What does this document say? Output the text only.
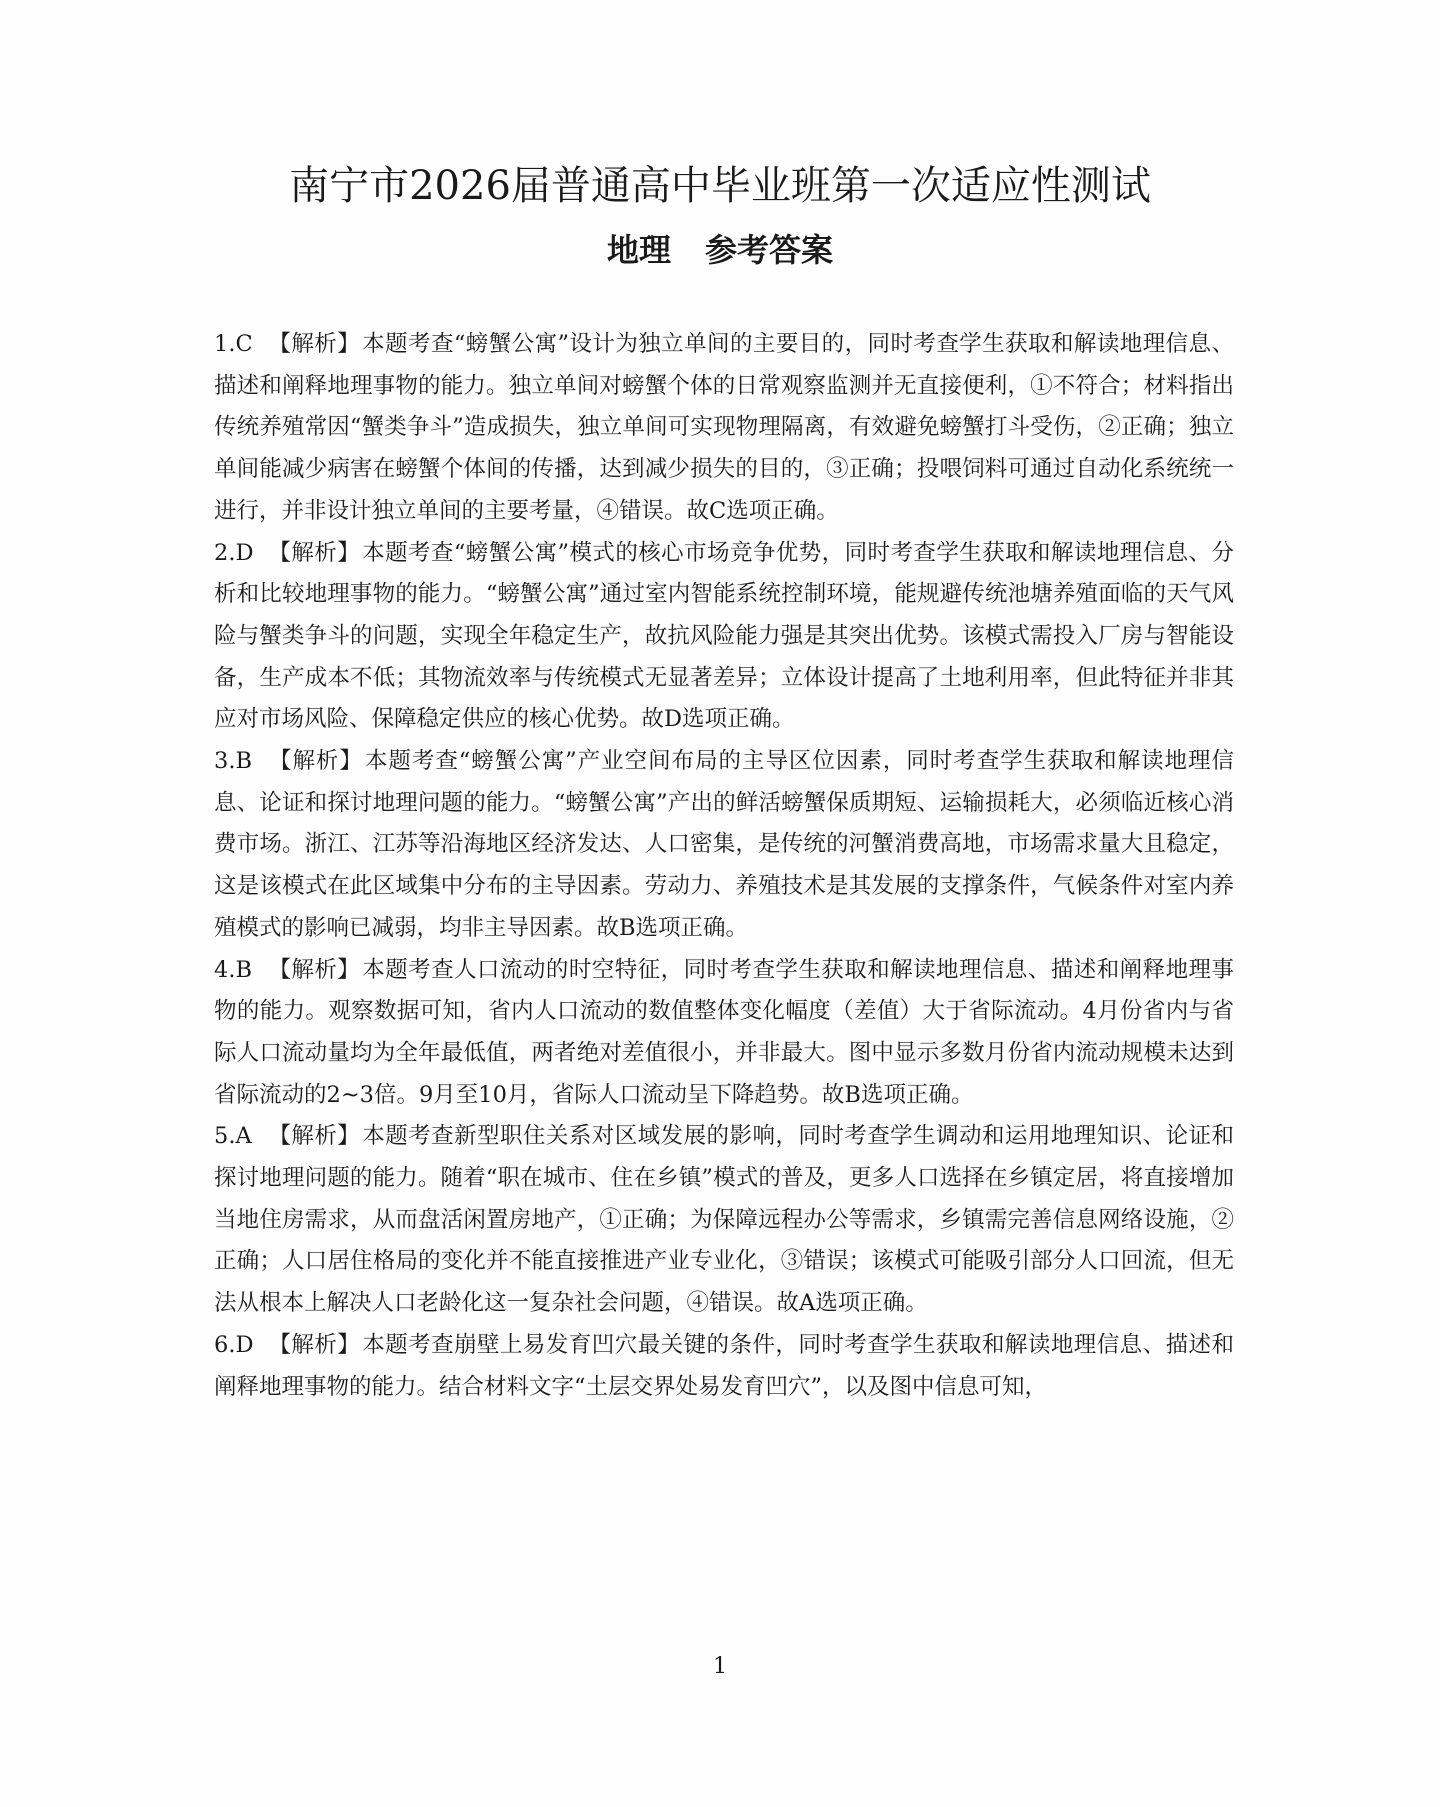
南宁市2026届普通高中毕业班第一次适应性测试
地理 参考答案

1.C 【解析】本题考查“螃蟹公寓”设计为独立单间的主要目的，同时考查学生获取和解读地理信息、描述和阐释地理事物的能力。独立单间对螃蟹个体的日常观察监测并无直接便利，①不符合；材料指出传统养殖常因“蟹类争斗”造成损失，独立单间可实现物理隔离，有效避免螃蟹打斗受伤，②正确；独立单间能减少病害在螃蟹个体间的传播，达到减少损失的目的，③正确；投喂饲料可通过自动化系统统一进行，并非设计独立单间的主要考量，④错误。故C选项正确。

2.D 【解析】本题考查“螃蟹公寓”模式的核心市场竞争优势，同时考查学生获取和解读地理信息、分析和比较地理事物的能力。“螃蟹公寓”通过室内智能系统控制环境，能规避传统池塘养殖面临的天气风险与蟹类争斗的问题，实现全年稳定生产，故抗风险能力强是其突出优势。该模式需投入厂房与智能设备，生产成本不低；其物流效率与传统模式无显著差异；立体设计提高了土地利用率，但此特征并非其应对市场风险、保障稳定供应的核心优势。故D选项正确。

3.B 【解析】本题考查“螃蟹公寓”产业空间布局的主导区位因素，同时考查学生获取和解读地理信息、论证和探讨地理问题的能力。“螃蟹公寓”产出的鲜活螃蟹保质期短、运输损耗大，必须临近核心消费市场。浙江、江苏等沿海地区经济发达、人口密集，是传统的河蟹消费高地，市场需求量大且稳定，这是该模式在此区域集中分布的主导因素。劳动力、养殖技术是其发展的支撑条件，气候条件对室内养殖模式的影响已减弱，均非主导因素。故B选项正确。

4.B 【解析】本题考查人口流动的时空特征，同时考查学生获取和解读地理信息、描述和阐释地理事物的能力。观察数据可知，省内人口流动的数值整体变化幅度（差值）大于省际流动。4月份省内与省际人口流动量均为全年最低值，两者绝对差值很小，并非最大。图中显示多数月份省内流动规模未达到省际流动的2~3倍。9月至10月，省际人口流动呈下降趋势。故B选项正确。

5.A 【解析】本题考查新型职住关系对区域发展的影响，同时考查学生调动和运用地理知识、论证和探讨地理问题的能力。随着“职在城市、住在乡镇”模式的普及，更多人口选择在乡镇定居，将直接增加当地住房需求，从而盘活闲置房地产，①正确；为保障远程办公等需求，乡镇需完善信息网络设施，②正确；人口居住格局的变化并不能直接推进产业专业化，③错误；该模式可能吸引部分人口回流，但无法从根本上解决人口老龄化这一复杂社会问题，④错误。故A选项正确。

6.D 【解析】本题考查崩壁上易发育凹穴最关键的条件，同时考查学生获取和解读地理信息、描述和阐释地理事物的能力。结合材料文字“土层交界处易发育凹穴”，以及图中信息可知，

1
